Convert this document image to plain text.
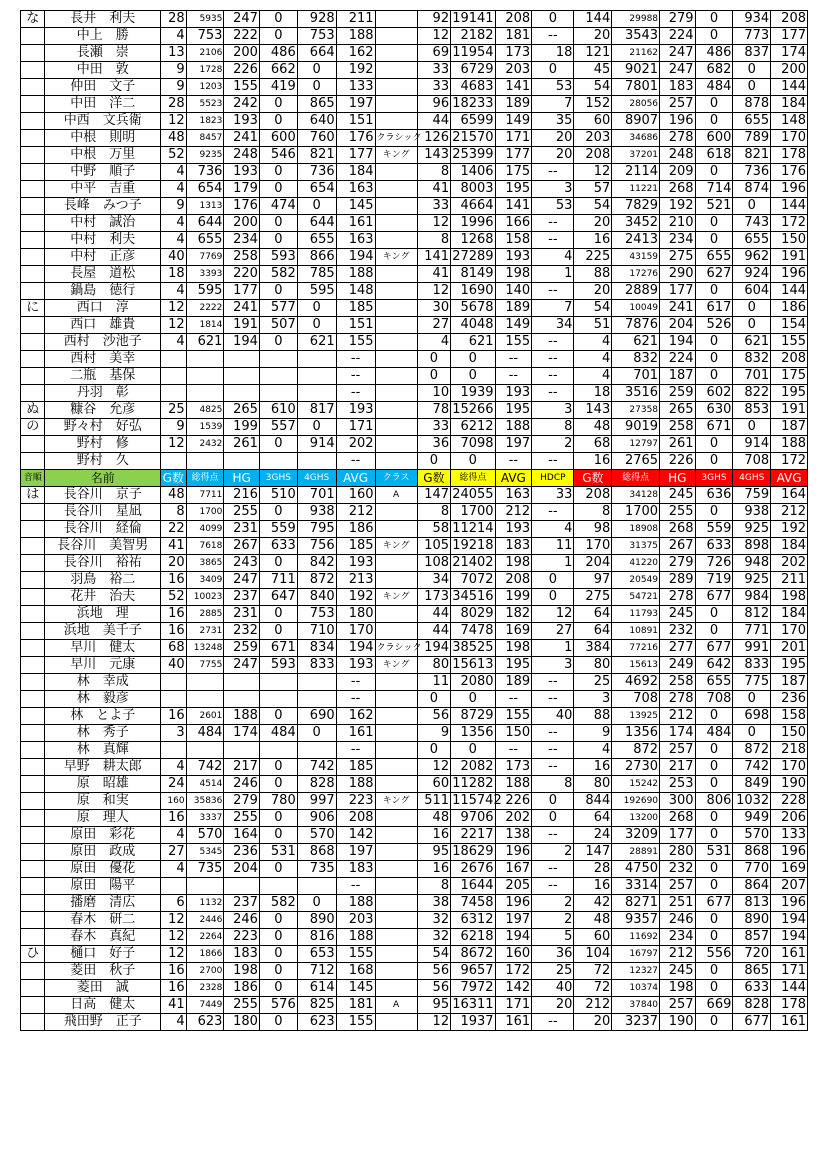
な	長井　利夫	28	5935	247	0	928	211		92	19141	208	0	144	29988	279	0	934	208
	中上　勝	4	753	222	0	753	188		12	2182	181	--	20	3543	224	0	773	177
	長瀬　崇	13	2106	200	486	664	162		69	11954	173	18	121	21162	247	486	837	174
	中田　敦	9	1728	226	662	0	192		33	6729	203	0	45	9021	247	682	0	200
	仲田　文子	9	1203	155	419	0	133		33	4683	141	53	54	7801	183	484	0	144
	中田　洋二	28	5523	242	0	865	197		96	18233	189	7	152	28056	257	0	878	184
	中西　文兵衛	12	1823	193	0	640	151		44	6599	149	35	60	8907	196	0	655	148
	中根　則明	48	8457	241	600	760	176	クラシック	126	21570	171	20	203	34686	278	600	789	170
	中根　万里	52	9235	248	546	821	177	キング	143	25399	177	20	208	37201	248	618	821	178
	中野　順子	4	736	193	0	736	184		8	1406	175	--	12	2114	209	0	736	176
	中平　吉重	4	654	179	0	654	163		41	8003	195	3	57	11221	268	714	874	196
	長峰　みつ子	9	1313	176	474	0	145		33	4664	141	53	54	7829	192	521	0	144
	中村　誠治	4	644	200	0	644	161		12	1996	166	--	20	3452	210	0	743	172
	中村　利夫	4	655	234	0	655	163		8	1268	158	--	16	2413	234	0	655	150
	中村　正彦	40	7769	258	593	866	194	キング	141	27289	193	4	225	43159	275	655	962	191
	長屋　道松	18	3393	220	582	785	188		41	8149	198	1	88	17276	290	627	924	196
	鍋島　徳行	4	595	177	0	595	148		12	1690	140	--	20	2889	177	0	604	144
に	西口　淳	12	2222	241	577	0	185		30	5678	189	7	54	10049	241	617	0	186
	西口　雄貴	12	1814	191	507	0	151		27	4048	149	34	51	7876	204	526	0	154
	西村　沙池子	4	621	194	0	621	155		4	621	155	--	4	621	194	0	621	155
	西村　美幸						--		0	0	--	--	4	832	224	0	832	208
	二瓶　基保						--		0	0	--	--	4	701	187	0	701	175
	丹羽　彰						--		10	1939	193	--	18	3516	259	602	822	195
ぬ	糠谷　允彦	25	4825	265	610	817	193		78	15266	195	3	143	27358	265	630	853	191
の	野々村　好弘	9	1539	199	557	0	171		33	6212	188	8	48	9019	258	671	0	187
	野村　修	12	2432	261	0	914	202		36	7098	197	2	68	12797	261	0	914	188
	野村　久						--		0	0	--	--	16	2765	226	0	708	172
音順	名前	G数	総得点	HG	3GHS	4GHS	AVG	クラス	G数	総得点	AVG	HDCP	G数	総得点	HG	3GHS	4GHS	AVG
は	長谷川　京子	48	7711	216	510	701	160	A	147	24055	163	33	208	34128	245	636	759	164
	長谷川　星凪	8	1700	255	0	938	212		8	1700	212	--	8	1700	255	0	938	212
	長谷川　経倫	22	4099	231	559	795	186		58	11214	193	4	98	18908	268	559	925	192
	長谷川　美智男	41	7618	267	633	756	185	キング	105	19218	183	11	170	31375	267	633	898	184
	長谷川　裕祐	20	3865	243	0	842	193		108	21402	198	1	204	41220	279	726	948	202
	羽鳥　裕二	16	3409	247	711	872	213		34	7072	208	0	97	20549	289	719	925	211
	花井　治夫	52	10023	237	647	840	192	キング	173	34516	199	0	275	54721	278	677	984	198
	浜地　理	16	2885	231	0	753	180		44	8029	182	12	64	11793	245	0	812	184
	浜地　美千子	16	2731	232	0	710	170		44	7478	169	27	64	10891	232	0	771	170
	早川　健太	68	13248	259	671	834	194	クラシック	194	38525	198	1	384	77216	277	677	991	201
	早川　元康	40	7755	247	593	833	193	キング	80	15613	195	3	80	15613	249	642	833	195
	林　幸成						--		11	2080	189	--	25	4692	258	655	775	187
	林　毅彦						--		0	0	--	--	3	708	278	708	0	236
	林　とよ子	16	2601	188	0	690	162		56	8729	155	40	88	13925	212	0	698	158
	林　秀子	3	484	174	484	0	161		9	1356	150	--	9	1356	174	484	0	150
	林　真輝						--		0	0	--	--	4	872	257	0	872	218
	早野　耕太郎	4	742	217	0	742	185		12	2082	173	--	16	2730	217	0	742	170
	原　昭雄	24	4514	246	0	828	188		60	11282	188	8	80	15242	253	0	849	190
	原　和実	160	35836	279	780	997	223	キング	511	115742	226	0	844	192690	300	806	1032	228
	原　理人	16	3337	255	0	906	208		48	9706	202	0	64	13200	268	0	949	206
	原田　彩花	4	570	164	0	570	142		16	2217	138	--	24	3209	177	0	570	133
	原田　政成	27	5345	236	531	868	197		95	18629	196	2	147	28891	280	531	868	196
	原田　優花	4	735	204	0	735	183		16	2676	167	--	28	4750	232	0	770	169
	原田　陽平						--		8	1644	205	--	16	3314	257	0	864	207
	播磨　清広	6	1132	237	582	0	188		38	7458	196	2	42	8271	251	677	813	196
	春木　研二	12	2446	246	0	890	203		32	6312	197	2	48	9357	246	0	890	194
	春木　真紀	12	2264	223	0	816	188		32	6218	194	5	60	11692	234	0	857	194
ひ	樋口　好子	12	1866	183	0	653	155		54	8672	160	36	104	16797	212	556	720	161
	菱田　秋子	16	2700	198	0	712	168		56	9657	172	25	72	12327	245	0	865	171
	菱田　誠	16	2328	186	0	614	145		56	7972	142	40	72	10374	198	0	633	144
	日高　健太	41	7449	255	576	825	181	A	95	16311	171	20	212	37840	257	669	828	178
	飛田野　正子	4	623	180	0	623	155		12	1937	161	--	20	3237	190	0	677	161
